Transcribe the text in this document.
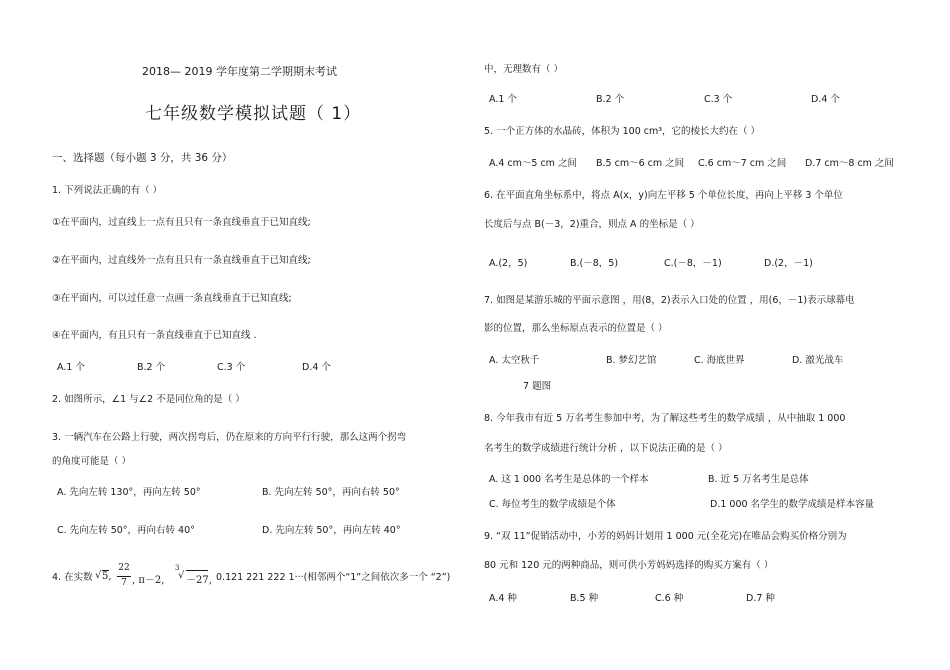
2018— 2019 学年度第二学期期末考试
七年级数学模拟试题（ 1）
一、选择题（每小题 3 分，共 36 分）
1. 下列说法正确的有（ ）
①在平面内，过直线上一点有且只有一条直线垂直于已知直线;
②在平面内，过直线外一点有且只有一条直线垂直于已知直线;
③在平面内，可以过任意一点画一条直线垂直于已知直线;
④在平面内，有且只有一条直线垂直于已知直线 .
A.1 个	B.2 个	C.3 个	D.4 个
2. 如图所示，∠1 与∠2 不是同位角的是（ ）
3. 一辆汽车在公路上行驶，两次拐弯后，仍在原来的方向平行行驶，那么这两个拐弯
的角度可能是（ ）
A. 先向左转 130°，再向左转 50°	B. 先向左转 50°，再向右转 50°
C. 先向左转 50°，再向右转 40°	D. 先向左转 50°，再向左转 40°
4. 在实数 √ 5,
22
7 , π－2,
3
√ －27, 0.121 221 222 1···(相邻两个“1”之间依次多一个 “2”)
中，无理数有（ ）
A.1 个	B.2 个	C.3 个	D.4 个
5. 一个正方体的水晶砖，体积为 100 cm³，它的棱长大约在（ ）
A.4 cm～5 cm 之间 B.5 cm～6 cm 之间 C.6 cm～7 cm 之间 D.7 cm～8 cm 之间
6. 在平面直角坐标系中，将点 A(x，y)向左平移 5 个单位长度，再向上平移 3 个单位
长度后与点 B(－3，2)重合，则点 A 的坐标是（ ）
A.(2，5)	B.(－8，5)	C.(－8，－1)	D.(2，－1)
7. 如图是某游乐城的平面示意图 ，用(8，2)表示入口处的位置 ，用(6，－1)表示球幕电
影的位置，那么坐标原点表示的位置是（ ）
A. 太空秋千	B. 梦幻艺馆	C. 海底世界	D. 激光战车
7 题图
8. 今年我市有近 5 万名考生参加中考，为了解这些考生的数学成绩 ，从中抽取 1 000
名考生的数学成绩进行统计分析 ，以下说法正确的是（ ）
A. 这 1 000 名考生是总体的一个样本	B. 近 5 万名考生是总体
C. 每位考生的数学成绩是个体	D.1 000 名学生的数学成绩是样本容量
9. “双 11”促销活动中，小芳的妈妈计划用 1 000 元(全花完)在唯品会购买价格分别为
80 元和 120 元的两种商品，则可供小芳妈妈选择的购买方案有（ ）
A.4 种	B.5 种	C.6 种	D.7 种
